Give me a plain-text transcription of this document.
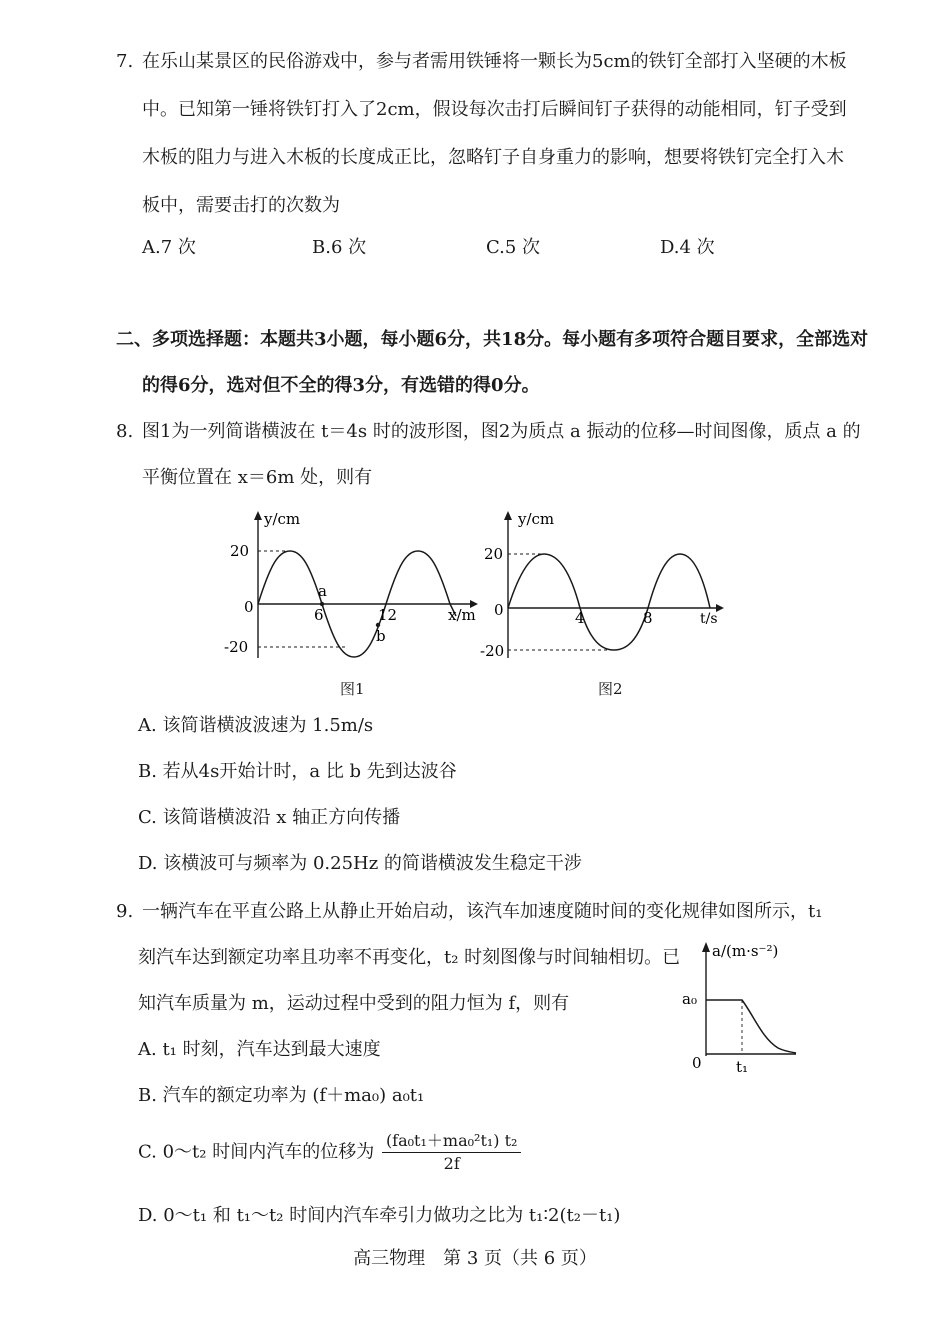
7. 在乐山某景区的民俗游戏中，参与者需用铁锤将一颗长为5cm的铁钉全部打入坚硬的木板
中。已知第一锤将铁钉打入了2cm，假设每次击打后瞬间钉子获得的动能相同，钉子受到
木板的阻力与进入木板的长度成正比，忽略钉子自身重力的影响，想要将铁钉完全打入木
板中，需要击打的次数为
A.7 次	B.6 次	C.5 次	D.4 次
二、多项选择题：本题共3小题，每小题6分，共18分。每小题有多项符合题目要求，全部选对
的得6分，选对但不全的得3分，有选错的得0分。
8. 图1为一列简谐横波在 t＝4s 时的波形图，图2为质点 a 振动的位移—时间图像，质点 a 的
平衡位置在 x＝6m 处，则有
y/cm
20
-20
0	6	12	x/m
a
b
图1
y/cm
20
-20
0	4	8	t/s
图2
A. 该简谐横波波速为 1.5m/s
B. 若从4s开始计时，a 比 b 先到达波谷
C. 该简谐横波沿 x 轴正方向传播
D. 该横波可与频率为 0.25Hz 的简谐横波发生稳定干涉
9. 一辆汽车在平直公路上从静止开始启动，该汽车加速度随时间的变化规律如图所示，t₁
刻汽车达到额定功率且功率不再变化，t₂ 时刻图像与时间轴相切。已
知汽车质量为 m，运动过程中受到的阻力恒为 f，则有
a/(m·s⁻²)
a₀
0 t₁
A. t₁ 时刻，汽车达到最大速度
B. 汽车的额定功率为 (f＋ma₀) a₀t₁
C. 0～t₂ 时间内汽车的位移为 $\frac{\text{(fa₀t₁＋ma₀²t₁) t₂}}{2f}$
D. 0～t₁ 和 t₁～t₂ 时间内汽车牵引力做功之比为 t₁∶2(t₂－t₁)
高三物理　第 3 页（共 6 页）
